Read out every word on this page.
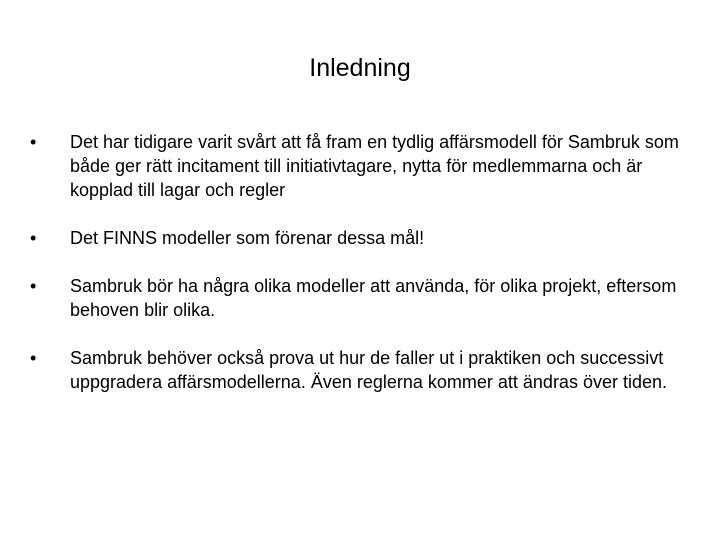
Inledning
•	Det har tidigare varit svårt att få fram en tydlig affärsmodell för Sambruk som både ger rätt incitament till initiativtagare, nytta för medlemmarna och är kopplad till lagar och regler
•	Det FINNS modeller som förenar dessa mål!
•	Sambruk bör ha några olika modeller att använda, för olika projekt, eftersom behoven blir olika.
•	Sambruk behöver också prova ut hur de faller ut i praktiken och successivt uppgradera affärsmodellerna. Även reglerna kommer att ändras över tiden.
